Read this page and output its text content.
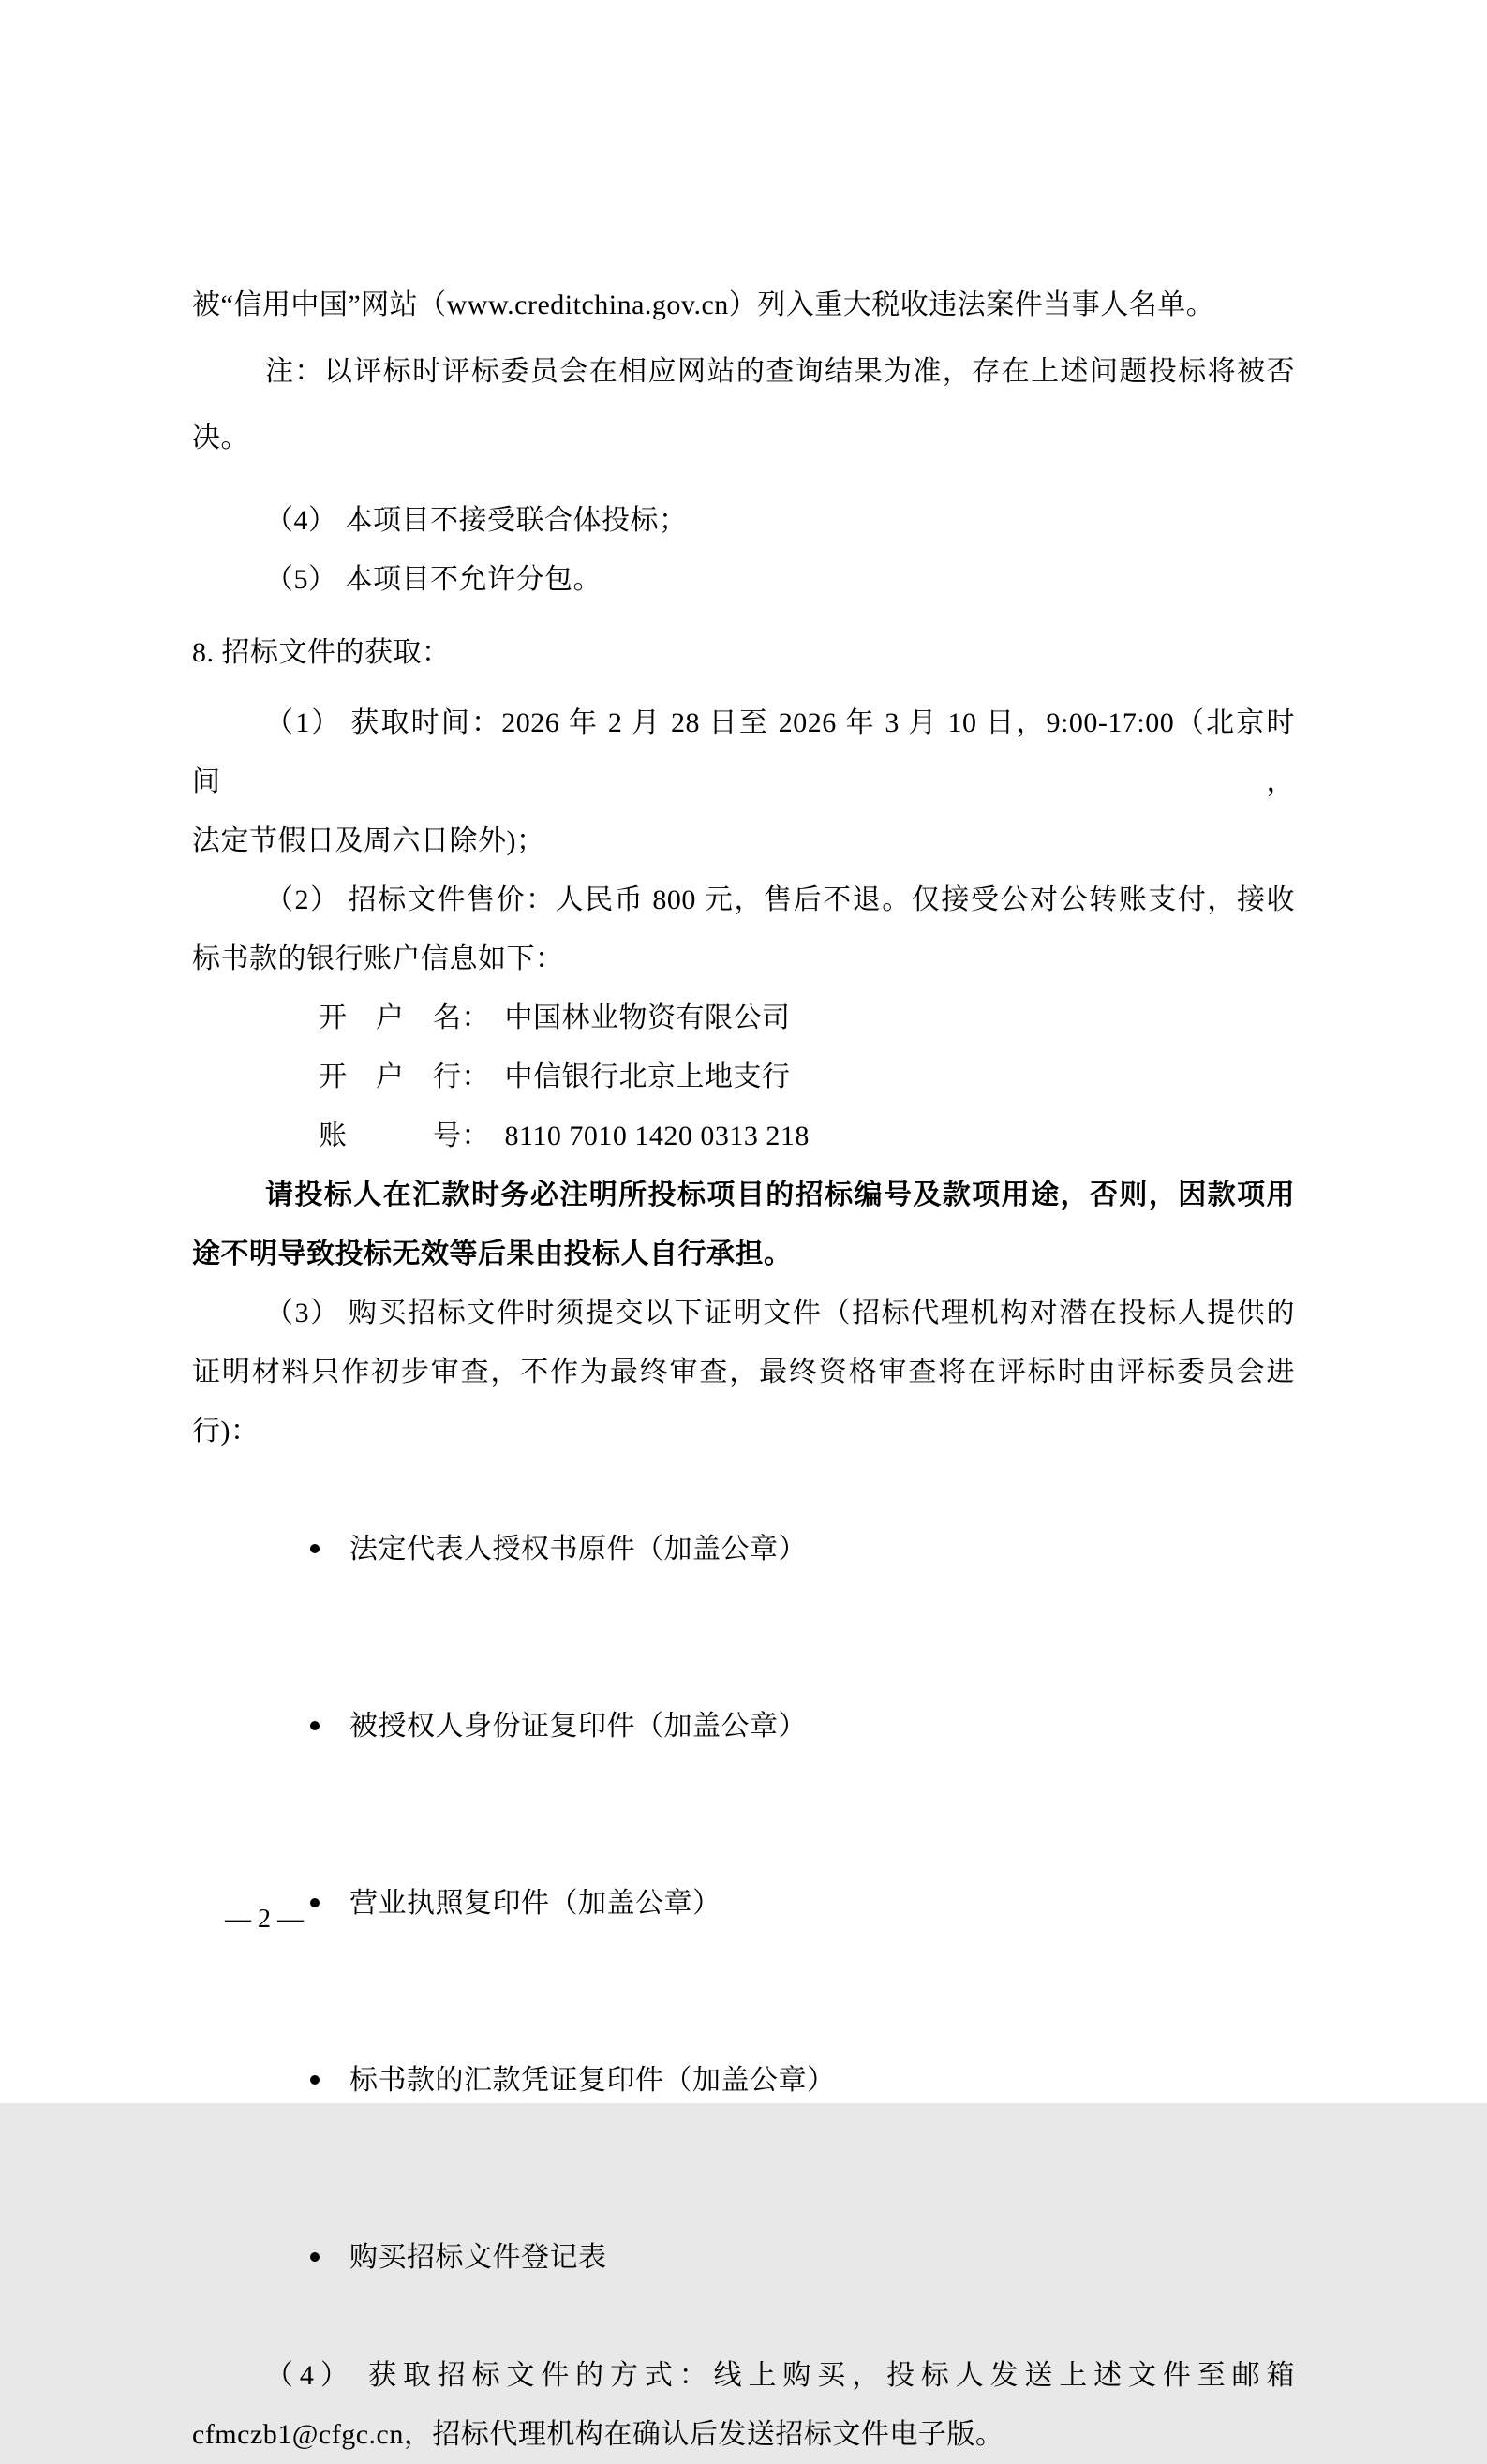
被“信用中国”网站（www.creditchina.gov.cn）列入重大税收违法案件当事人名单。
注：以评标时评标委员会在相应网站的查询结果为准，存在上述问题投标将被否
决。
（4） 本项目不接受联合体投标；
（5） 本项目不允许分包。
8. 招标文件的获取：
（1） 获取时间：2026 年 2 月 28 日至 2026 年 3 月 10 日，9:00-17:00（北京时间，
法定节假日及周六日除外)；
（2） 招标文件售价：人民币 800 元，售后不退。仅接受公对公转账支付，接收
标书款的银行账户信息如下：
开　户　名：　中国林业物资有限公司
开　户　行：　中信银行北京上地支行
账　　　号：　8110 7010 1420 0313 218
请投标人在汇款时务必注明所投标项目的招标编号及款项用途，否则，因款项用
途不明导致投标无效等后果由投标人自行承担。
（3） 购买招标文件时须提交以下证明文件（招标代理机构对潜在投标人提供的
证明材料只作初步审查，不作为最终审查，最终资格审查将在评标时由评标委员会进
行)：

法定代表人授权书原件（加盖公章）

被授权人身份证复印件（加盖公章）

营业执照复印件（加盖公章）

标书款的汇款凭证复印件（加盖公章）

购买招标文件登记表

（4） 获取招标文件的方式：线上购买，投标人发送上述文件至邮箱
cfmczb1@cfgc.cn，招标代理机构在确认后发送招标文件电子版。
— 2 —
